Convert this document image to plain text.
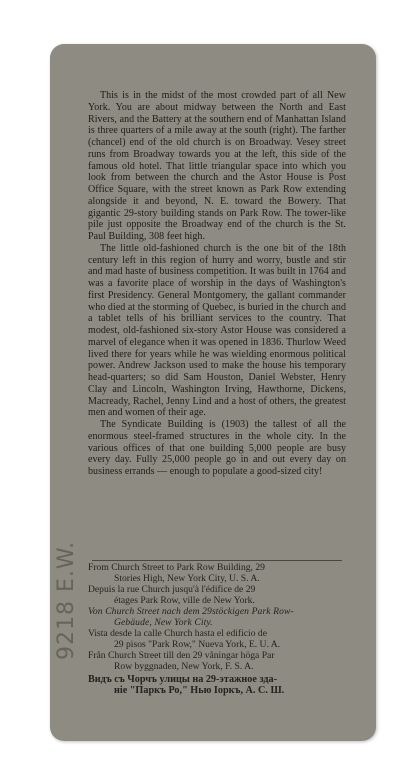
9218 E.W.

This is in the midst of the most crowded part of all New York. You are about midway between the North and East Rivers, and the Battery at the southern end of Manhattan Island is three quarters of a mile away at the south (right). The farther (chancel) end of the old church is on Broadway. Vesey street runs from Broadway towards you at the left, this side of the famous old hotel. That little triangular space into which you look from between the church and the Astor House is Post Office Square, with the street known as Park Row extending alongside it and beyond, N. E. toward the Bowery. That gigantic 29-story building stands on Park Row. The tower-like pile just opposite the Broadway end of the church is the St. Paul Building, 308 feet high.

The little old-fashioned church is the one bit of the 18th century left in this region of hurry and worry, bustle and stir and mad haste of business competition. It was built in 1764 and was a favorite place of worship in the days of Washington's first Presidency. General Montgomery, the gallant commander who died at the storming of Quebec, is buried in the church and a tablet tells of his brilliant services to the country. That modest, old-fashioned six-story Astor House was considered a marvel of elegance when it was opened in 1836. Thurlow Weed lived there for years while he was wielding enormous political power. Andrew Jackson used to make the house his temporary head-quarters; so did Sam Houston, Daniel Webster, Henry Clay and Lincoln, Washington Irving, Hawthorne, Dickens, Macready, Rachel, Jenny Lind and a host of others, the greatest men and women of their age.

The Syndicate Building is (1903) the tallest of all the enormous steel-framed structures in the whole city. In the various offices of that one building 5,000 people are busy every day. Fully 25,000 people go in and out every day on business errands — enough to populate a good-sized city!

From Church Street to Park Row Building, 29
Stories High, New York City, U. S. A.
Depuis la rue Church jusqu'à l'édifice de 29
étages Park Row, ville de New York.
Von Church Street nach dem 29stöckigen Park Row-
Gebäude, New York City.
Vista desde la calle Church hasta el edificio de
29 pisos "Park Row," Nueva York, E. U. A.
Från Church Street till den 29 våningar höga Par
Row byggnaden, New York, F. S. A.
Видъ съ Чорчъ улицы на 29-этажное зда-
ніе "Паркъ Ро," Нью Іоркъ, А. С. Ш.
